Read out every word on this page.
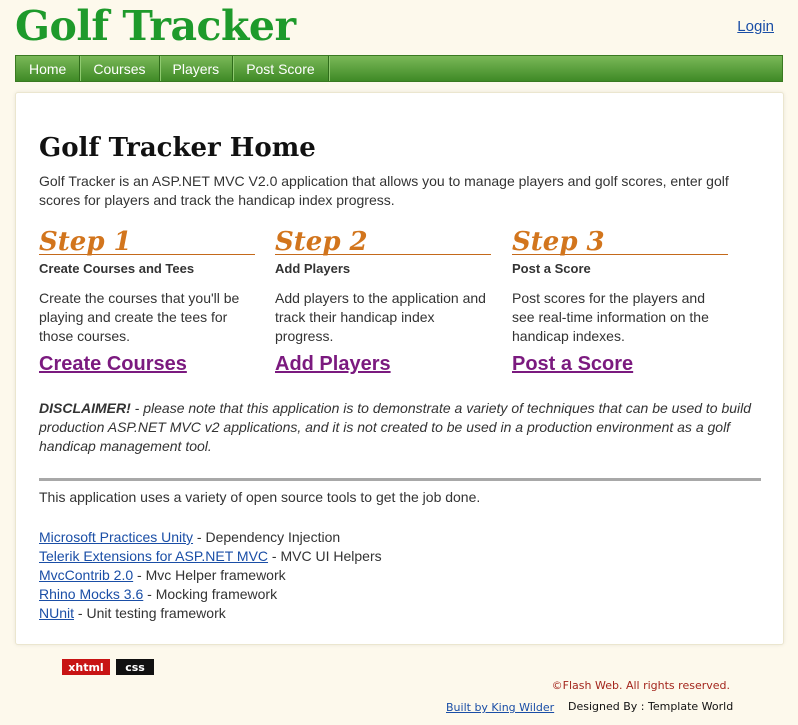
Golf Tracker	Login
Home	Courses	Players	Post Score
Golf Tracker Home

Golf Tracker is an ASP.NET MVC V2.0 application that allows you to manage players and golf scores, enter golf scores for players and track the handicap index progress.

Step 1
Create Courses and Tees
Create the courses that you'll be playing and create the tees for those courses.
Create Courses
Step 2
Add Players
Add players to the application and track their handicap index progress.
Add Players
Step 3
Post a Score
Post scores for the players and see real-time information on the handicap indexes.
Post a Score

DISCLAIMER! - please note that this application is to demonstrate a variety of techniques that can be used to build production ASP.NET MVC v2 applications, and it is not created to be used in a production environment as a golf handicap management tool.

This application uses a variety of open source tools to get the job done.

Microsoft Practices Unity - Dependency Injection
Telerik Extensions for ASP.NET MVC - MVC UI Helpers
MvcContrib 2.0 - Mvc Helper framework
Rhino Mocks 3.6 - Mocking framework
NUnit - Unit testing framework
xhtml	css
©Flash Web. All rights reserved.
Built by King Wilder Designed By : Template World
